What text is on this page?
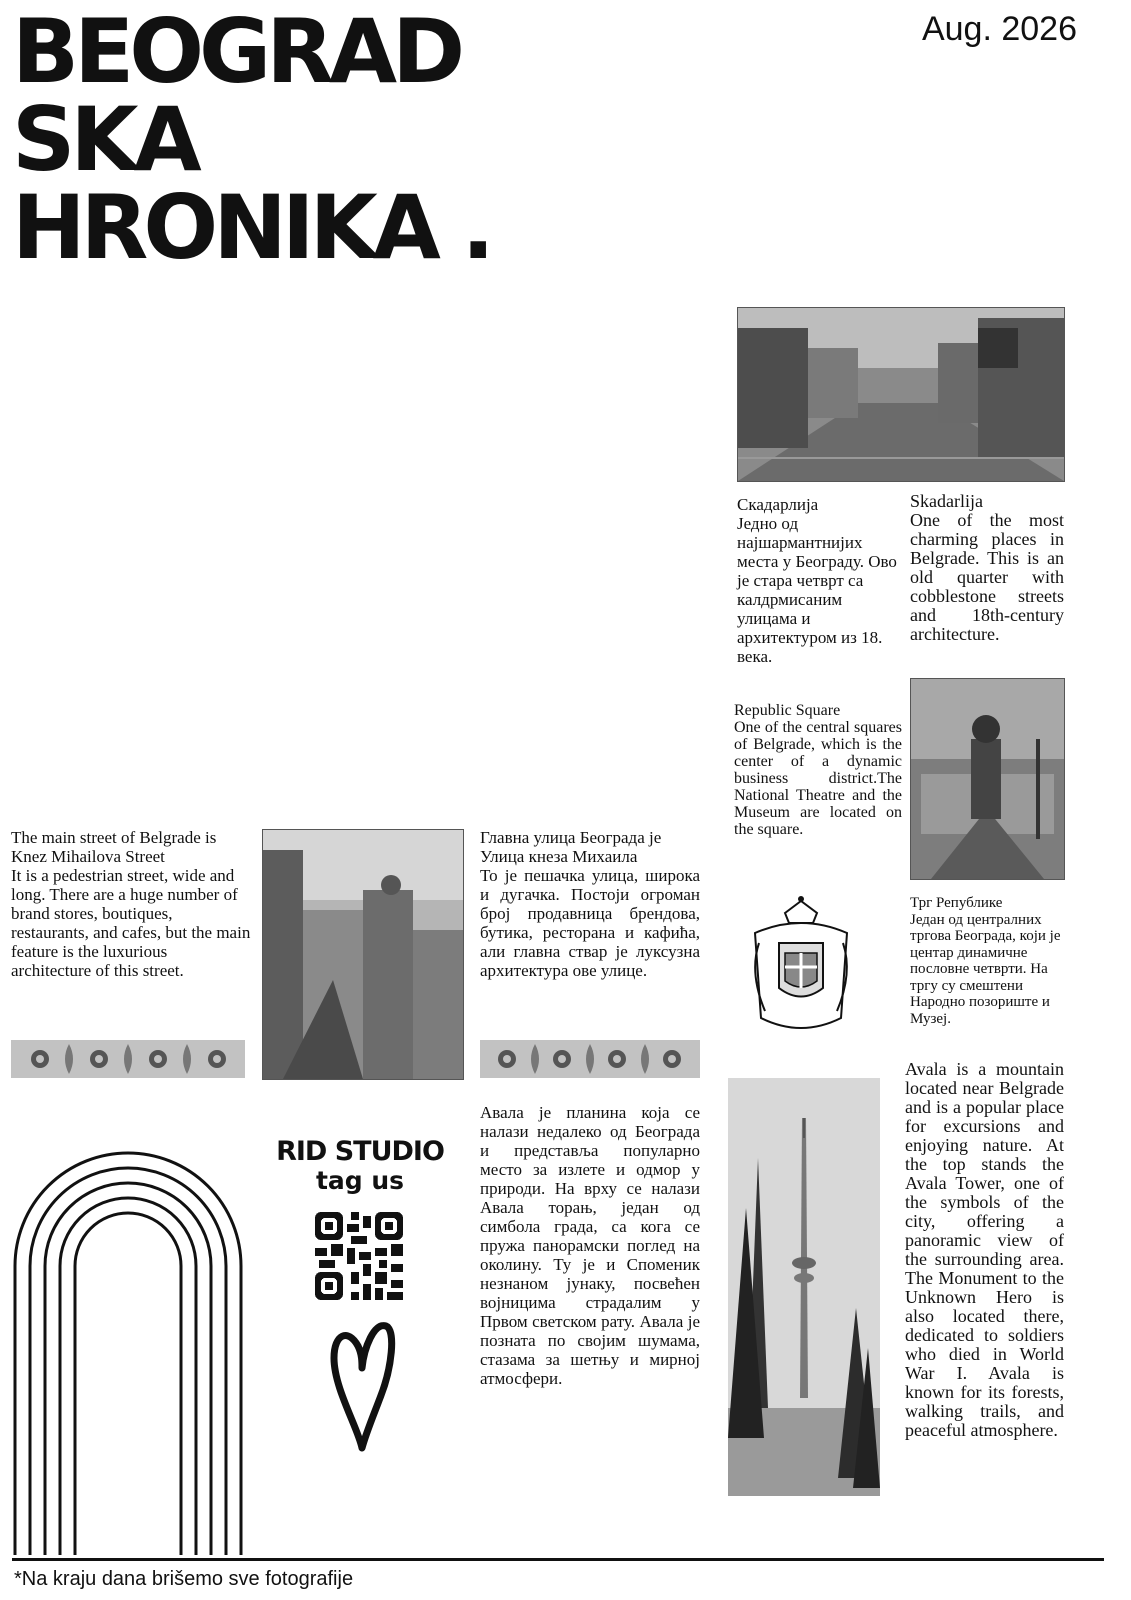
BEOGRAD
SKA
HRONIKA .
Aug. 2026
Скадарлија
Једно од најшармантнијих места у Београду. Ово је стара четврт са калдрмисаним улицама и архитектуром из 18. века.
Skadarlija
One of the most charming places in Belgrade. This is an old quarter with cobblestone streets and 18th-century architecture.
Republic Square
One of the central squares of Belgrade, which is the center of a dynamic business district.The National Theatre and the Museum are located on the square.
Трг Републике
Један од централних тргова Београда, који је центар динамичне пословне четврти. На тргу су смештени Народно позориште и Музеј.
The main street of Belgrade is Knez Mihailova Street
It is a pedestrian street, wide and long. There are a huge number of brand stores, boutiques, restaurants, and cafes, but the main feature is the luxurious architecture of this street.
Главна улица Београда је Улица кнеза Михаила
То је пешачка улица, широка и дугачка. Постоји огроман број продавница брендова, бутика, ресторана и кафића, али главна ствар је луксузна архитектура ове улице.
RID STUDIO
tag us
Авала је планина која се налази недалеко од Београда и представља популарно место за излете и одмор у природи. На врху се налази Авала торањ, један од симбола града, са кога се пружа панорамски поглед на околину. Ту је и Споменик незнаном јунаку, посвећен војницима страдалим у Првом светском рату. Авала је позната по својим шумама, стазама за шетњу и мирној атмосфери.
Avala is a mountain located near Belgrade and is a popular place for excursions and enjoying nature. At the top stands the Avala Tower, one of the symbols of the city, offering a panoramic view of the surrounding area. The Monument to the Unknown Hero is also located there, dedicated to soldiers who died in World War I. Avala is known for its forests, walking trails, and peaceful atmosphere.
*Na kraju dana brišemo sve fotografije
